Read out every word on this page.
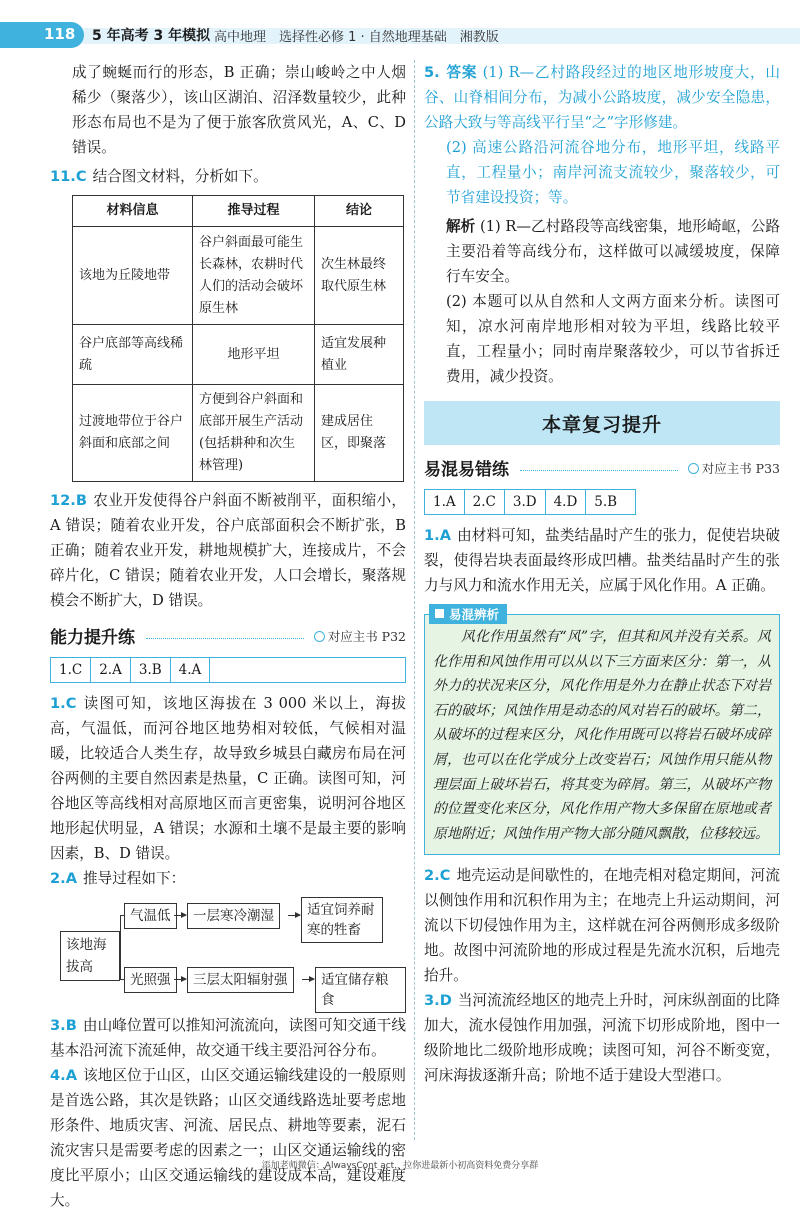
118 5 年高考 3 年模拟 高中地理　选择性必修 1 · 自然地理基础　湘教版

成了蜿蜒而行的形态，B 正确；崇山峻岭之中人烟稀少（聚落少），该山区湖泊、沼泽数量较少，此种形态布局也不是为了便于旅客欣赏风光，A、C、D 错误。

11.C 结合图文材料，分析如下。

材料信息	推导过程	结论
该地为丘陵地带	谷户斜面最可能生长森林，农耕时代人们的活动会破坏原生林	次生林最终取代原生林
谷户底部等高线稀疏	地形平坦	适宜发展种植业
过渡地带位于谷户斜面和底部之间	方便到谷户斜面和底部开展生产活动(包括耕种和次生林管理)	建成居住区，即聚落

12.B 农业开发使得谷户斜面不断被削平，面积缩小，A 错误；随着农业开发，谷户底部面积会不断扩张，B 正确；随着农业开发，耕地规模扩大，连接成片，不会碎片化，C 错误；随着农业开发，人口会增长，聚落规模会不断扩大，D 错误。

能力提升练	对应主书 P32
1.C	2.A	3.B	4.A

1.C 读图可知，该地区海拔在 3 000 米以上，海拔高，气温低，而河谷地区地势相对较低，气候相对温暖，比较适合人类生存，故导致乡城县白藏房布局在河谷两侧的主要自然因素是热量，C 正确。读图可知，河谷地区等高线相对高原地区而言更密集，说明河谷地区地形起伏明显，A 错误；水源和土壤不是最主要的影响因素，B、D 错误。

2.A 推导过程如下：

该地海拔高
气温低	一层寒冷潮湿	适宜饲养耐寒的牲畜
光照强	三层太阳辐射强	适宜储存粮食

3.B 由山峰位置可以推知河流流向，读图可知交通干线基本沿河流下流延伸，故交通干线主要沿河谷分布。

4.A 该地区位于山区，山区交通运输线建设的一般原则是首选公路，其次是铁路；山区交通线路选址要考虑地形条件、地质灾害、河流、居民点、耕地等要素，泥石流灾害只是需要考虑的因素之一；山区交通运输线的密度比平原小；山区交通运输线的建设成本高，建设难度大。

5. 答案 (1) R—乙村路段经过的地区地形坡度大，山谷、山脊相间分布，为减小公路坡度，减少安全隐患，公路大致与等高线平行呈“之”字形修建。

(2) 高速公路沿河流谷地分布，地形平坦，线路平直，工程量小；南岸河流支流较少，聚落较少，可节省建设投资；等。

解析 (1) R—乙村路段等高线密集，地形崎岖，公路主要沿着等高线分布，这样做可以减缓坡度，保障行车安全。

(2) 本题可以从自然和人文两方面来分析。读图可知，凉水河南岸地形相对较为平坦，线路比较平直，工程量小；同时南岸聚落较少，可以节省拆迁费用，减少投资。

本章复习提升
易混易错练	对应主书 P33
1.A	2.C	3.D	4.D	5.B

1.A 由材料可知，盐类结晶时产生的张力，促使岩块破裂，使得岩块表面最终形成凹槽。盐类结晶时产生的张力与风力和流水作用无关，应属于风化作用。A 正确。

易混辨析

风化作用虽然有“风”字，但其和风并没有关系。风化作用和风蚀作用可以从以下三方面来区分：第一，从外力的状况来区分，风化作用是外力在静止状态下对岩石的破坏；风蚀作用是动态的风对岩石的破坏。第二，从破坏的过程来区分，风化作用既可以将岩石破坏成碎屑，也可以在化学成分上改变岩石；风蚀作用只能从物理层面上破坏岩石，将其变为碎屑。第三，从破坏产物的位置变化来区分，风化作用产物大多保留在原地或者原地附近；风蚀作用产物大部分随风飘散，位移较远。

2.C 地壳运动是间歇性的，在地壳相对稳定期间，河流以侧蚀作用和沉积作用为主；在地壳上升运动期间，河流以下切侵蚀作用为主，这样就在河谷两侧形成多级阶地。故图中河流阶地的形成过程是先流水沉积，后地壳抬升。

3.D 当河流流经地区的地壳上升时，河床纵剖面的比降加大，流水侵蚀作用加强，河流下切形成阶地，图中一级阶地比二级阶地形成晚；读图可知，河谷不断变宽，河床海拔逐渐升高；阶地不适于建设大型港口。

添加老师微信：AlwaysCont act，拉你进最新小初高资料免费分享群
